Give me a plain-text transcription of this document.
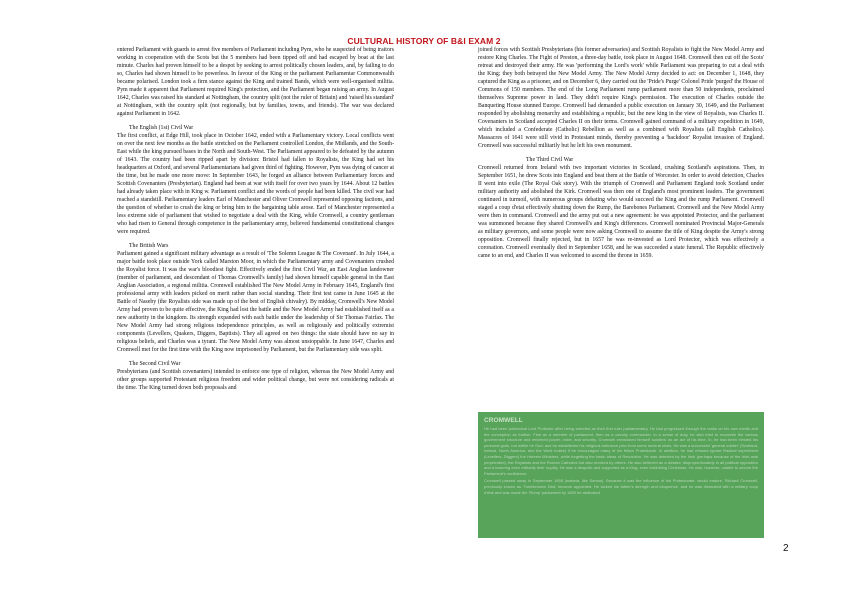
CULTURAL HISTORY OF B&I EXAM 2

entered Parliament with guards to arrest five members of Parliament including Pym, who he suspected of being traitors working in cooperation with the Scots but the 5 members had been tipped off and had escaped by boat at the last minute. Charles had proven himself to be a despot by seeking to arrest politically chosen leaders, and, by failing to do so, Charles had shown himself to be powerless. In favour of the King or the parliament Parliamentar Commonwealth became polarised. London took a firm stance against the King and trained Bands, which were well-organised militia. Pym made it apparent that Parliament required King's protection, and the Parliament began raising an army. In August 1642, Charles was raised his standard at Nottingham, the country split (not the ruler of Britain) and 'raised his standard' at Nottingham, with the country split (not regionally, but by families, towns, and friends). The war was declared against Parliament in 1642.

The English (1st) Civil War

The first conflict, at Edge Hill, took place in October 1642, ended with a Parliamentary victory. Local conflicts went on over the next few months as the battle stretched on the Parliament controlled London, the Midlands, and the South-East while the king pursued bases in the North and South-West. The Parliament appeared to be defeated by the autumn of 1643. The country had been ripped apart by division: Bristol had fallen to Royalists, the King had set his headquarters at Oxford, and several Parliamentarians had given third of fighting. However, Pym was dying of cancer at the time, but he made one more move: In September 1643, he forged an alliance between Parliamentary forces and Scottish Covenanters (Presbyterian). England had been at war with itself for over two years by 1644. About 12 battles had already taken place with in King w. Parliament conflict and the words of people had been killed. The civil war had reached a standstill. Parliamentary leaders Earl of Manchester and Oliver Cromwell represented opposing factions, and the question of whether to crush the king or bring him to the bargaining table arose. Earl of Manchester represented a less extreme side of parliament that wished to negotiate a deal with the King, while Cromwell, a country gentleman who had risen to General through competence in the parliamentary army, believed fundamental constitutional changes were required.

The British Wars

Parliament gained a significant military advantage as a result of 'The Solemn League & The Covenant'. In July 1644, a major battle took place outside York called Marston Moor, in which the Parliamentary army and Covenanters crushed the Royalist force. It was the war's bloodiest fight. Effectively ended the first Civil War, an East Anglian landowner (member of parliament, and descendant of Thomas Cromwell's family) had shown himself capable general in the East Anglian Association, a regional militia. Cromwell established The New Model Army in February 1645, England's first professional army with leaders picked on merit rather than social standing. Their first test came in June 1645 at the Battle of Naseby (the Royalists side was made up of the best of English chivalry). By midday, Cromwell's New Model Army had proven to be quite effective, the King had lost the battle and the New Model Army had established itself as a new authority in the kingdom. Its strength expanded with each battle under the leadership of Sir Thomas Fairfax. The New Model Army had strong religious independence principles, as well as religiously and politically extremist components (Levellers, Quakers, Diggers, Baptists). They all agreed on two things: the state should have no say in religious beliefs, and Charles was a tyrant. The New Model Army was almost unstoppable. In June 1647, Charles and Cromwell met for the first time with the King now imprisoned by Parliament, but the Parliamentary side was split.

The Second Civil War

Presbyterians (and Scottish covenanters) intended to enforce one type of religion, whereas the New Model Army and other groups supported Protestant religious freedom and wider political change, but were not considering radicals at the time. The King turned down both proposals and

joined forces with Scottish Presbyterians (his former adversaries) and Scottish Royalists to fight the New Model Army and restore King Charles. The Fight of Preston, a three-day battle, took place in August 1648. Cromwell then cut off the Scots' retreat and destroyed their army. He was 'performing the Lord's work' while Parliament was preparing to cut a deal with the King; they both betrayed the New Model Army. The New Model Army decided to act: on December 1, 1648, they captured the King as a prisoner, and on December 6, they carried out the 'Pride's Purge' Colonel Pride 'purged' the House of Commons of 150 members. The end of the Long Parliament rump parliament more than 50 independents, proclaimed themselves Supreme power in land. They didn't require King's permission. The execution of Charles outside the Banqueting House stunned Europe. Cromwell had demanded a public execution on January 30, 1649, and the Parliament responded by abolishing monarchy and establishing a republic, but the new king in the view of Royalists, was Charles II. Covenanters in Scotland accepted Charles II on their terms. Cromwell gained command of a military expedition in 1649, which included a Confederate (Catholic) Rebellion as well as a combined with Royalists (all English Catholics). Massacres of 1641 were still vivid in Protestant minds, thereby preventing a 'backdoor' Royalist invasion of England. Cromwell was successful militarily but he left his own monument.

The Third Civil War

Cromwell returned from Ireland with two important victories in Scotland, crushing Scotland's aspirations. Then, in September 1651, he drew Scots into England and beat them at the Battle of Worcester. In order to avoid detection, Charles II went into exile (The Royal Oak story). With the triumph of Cromwell and Parliament England took Scotland under military authority and abolished the Kirk. Cromwell was then one of England's most prominent leaders. The government continued in turmoil, with numerous groups debating who would succeed the King and the rump Parliament. Cromwell staged a coup d'etat effectively shutting down the Rump, the Barebones Parliament. Cromwell and the New Model Army were then in command. Cromwell and the army put out a new agreement: he was appointed Protector, and the parliament was summoned because they shared Cromwell's and King's differences. Cromwell nominated Provincial Major-Generals as military governors, and some people were now asking Cromwell to assume the title of King despite the Army's strong opposition. Cromwell finally rejected, but in 1657 he was re-invested as Lord Protector, which was effectively a coronation. Cromwell eventually died in September 1658, and he was succeeded a state funeral. The Republic effectively came to an end, and Charles II was welcomed to ascend the throne in 1659.

CROMWELL

He had been puritanical Lord Protector after being selected as their first ruler parliamentary. He had progressed through the ranks on his own merits and the conception as fruition. First as a member of parliament, then as a cavalry commander. In a sense of duty, he also tried to reconcile the various government structure and reformed power, order, and security. Cromwell envisioned himself 'soldiers' as an act of his time. In, he had been elected his personal gods, but within he God, and he established his religious tolerance plan from some several kinds. He was a successful 'general soldier' (Scotland, Ireland, North America, and the West Indies) if he encouraged many of his fellow Protestants. In addition, he had refused Ignore Radical experiment (Levellers, Diggers) the Hebrew Ministers, while forgetting the basic ideas of Revolution. He was detested by the Irish (perhaps because of the Irish acts perpetrated), the Royalists and the Roman Catholics but also mocked by others. He also believed as a dictator, disproportionately in all political opposition and a lowering even militarily their royalty. He was a despotic and supported as a King, even forbidding Christmas. He was, however, unable to secure the Parliament's confidence.

Cromwell passed away in September 1658 (malaria, like Santos). Because it was the influence of his Protectorate, would endure. Richard Cromwell, previously known as 'Tumbledown Dick' became appointed. He lacked his father's strength and eloquence, and he was distrusted with a military coup d'état and was made the 'Rump' parliament by 1659 he abdicated.

2
